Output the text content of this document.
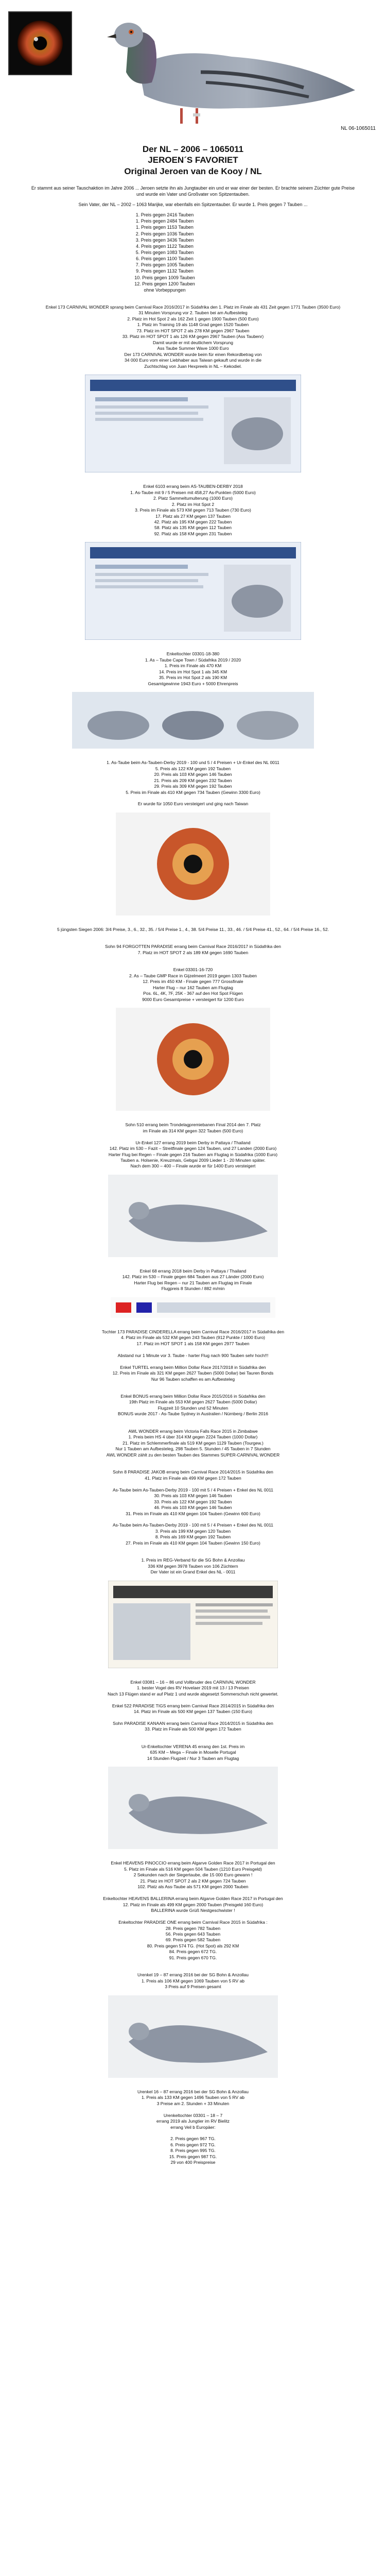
NL 06-1065011
Der NL – 2006 – 1065011
JEROEN´S FAVORIET
Original Jeroen van de Kooy / NL

Er stammt aus seiner Tauschaktion im Jahre 2006 ... Jeroen setzte ihn als Jungtauber ein und er war einer der besten. Er brachte seinem Züchter gute Preise und wurde ein Vater und Großvater von Spitzentauben.

Sein Vater, der NL – 2002 – 1063 Marijke, war ebenfalls ein Spitzentauber. Er wurde 1. Preis gegen 7 Tauben ...

1. Preis gegen 2416 Tauben
1. Preis gegen 2484 Tauben
1. Preis gegen 1153 Tauben
2. Preis gegen 1036 Tauben
3. Preis gegen 3436 Tauben
4. Preis gegen 1122 Tauben
5. Preis gegen 1083 Tauben
6. Preis gegen 1100 Tauben
7. Preis gegen 1005 Tauben
9. Preis gegen 1132 Tauben
10. Preis gegen 1009 Tauben
12. Preis gegen 1200 Tauben
ohne Vorbeppungen
Enkel 173 CARNIVAL WONDER sprang beim Carnival Race 2016/2017 in Südafrika den 1. Platz im Finale als 431 Zeit gegen 1771 Tauben (3500 Euro)
31 Minuten Vorsprung vor 2. Tauben bei am Aufbesteleg
2. Platz im Hot Spot 2 als 162 Zeit 1 gegen 1900 Tauben (500 Euro)
1. Platz im Training 19 als 1148 Grad gegen 1520 Tauben
73. Platz im HOT SPOT 2 als 278 KM gegen 2967 Tauben
33. Platz im HOT SPOT 1 als 126 KM gegen 2967 Tauben (Ass Taubenr)
Damit wurde er mit deutlichem Vorsprung
Ass Taube Summer Wave 1000 Euro
Der 173 CARNIVAL WONDER wurde beim für einen Rekordbetrag von
34 000 Euro vom einer Liebhaber aus Taiwan gekauft und wurde in die
Zuchtschlag von Juan Hexpreels in NL – Kekodiel.
Enkel 6103 errang beim AS-TAUBEN-DERBY 2018
1. As-Taube mit 9 / 5 Preisen mit 458,27 As-Punkten (5000 Euro)
2. Platz Sammeltumulterung (1000 Euro)
2. Platz im Hot Spot 2
3. Preis im Finale als 573 KM gegen 713 Tauben (730 Euro)
17. Platz als 27 KM gegen 137 Tauben
42. Platz als 195 KM gegen 222 Tauben
58. Platz als 135 KM gegen 112 Tauben
92. Platz als 158 KM gegen 231 Tauben
Enkeltochter 03301-18-380
1. As – Taube Cape Town / Südafrika 2019 / 2020
1. Preis im Finale als 470 KM
14. Preis im Hot Spot 1 als 345 KM
35. Preis im Hot Spot 2 als 190 KM
Gesamtgewinne 1943 Euro + 5000 Ehrenpreis
1. As-Taube beim As-Tauben-Derby 2019 - 100 und 5 / 4 Preisen + Ur-Enkel des NL 0011
5. Preis als 122 KM gegen 192 Tauben
20. Preis als 103 KM gegen 146 Tauben
21. Preis als 209 KM gegen 232 Tauben
29. Preis als 309 KM gegen 192 Tauben
5. Preis im Finale als 410 KM gegen 734 Tauben (Gewinn 3300 Euro)

Er wurde für 1050 Euro versteigert und ging nach Taiwan
5 jüngsten Siegen 2006: 3/4 Preise, 3., 6., 32., 35. / 5/4 Preise 1., 4., 38. 5/4 Preise 11., 33., 46. / 5/4 Preise 41., 52., 64. / 5/4 Preise 16., 52.
Sohn 94 FORGOTTEN PARADISE errang beim Carnival Race 2016/2017 in Südafrika den
7. Platz im HOT SPOT 2 als 189 KM gegen 1690 Tauben
Enkel 03301-16-720
2. As – Taube GMP Race in Gijzelmeert 2019 gegen 1303 Tauben
12. Preis im 450 KM - Finale gegen 777 Grossfinale
Harter Flug – nur 162 Tauben am Flugtag
Pos. 6L, 4K, 7F, 25K - 367 auf den Hot Spot Flügen
9000 Euro Gesamtpreise + versteigert für 1200 Euro
Sohn 510 errang beim Trondelagpremiebanen Final 2014 den 7. Platz
im Finale als 314 KM gegen 322 Tauben (500 Euro)

Ur-Enkel 127 errang 2019 beim Derby in Pattaya / Thailand
142. Platz im 530 – Fazit – Streitfinale gegen 124 Tauben, und 27 Landen (2000 Euro)
Harter Flug bei Regen – Finale gegen 216 Tauben am Flugtag in Südafrika (1000 Euro)
Tauben a. Holsenie, Kreuzmais, Gebgai 2009 Lieder 1 - 20 Minuten später.
Nach dem 300 – 400 – Finale wurde er für 1400 Euro versteigert
Enkel 68 errang 2018 beim Derby in Pattaya / Thailand
142. Platz im 530 – Finale gegen 684 Tauben aus 27 Länder (2000 Euro)
Harter Flug bei Regen – nur 21 Tauben am Flugtag im Finale
Flugpreis 8 Stunden / 882 m/min
Tochter 173 PARADISE CINDERELLA errang beim Carnival Race 2016/2017 in Südafrika den
4. Platz im Finale als 532 KM gegen 243 Tauben (912 Punkte / 1000 Euro)
17. Platz im HOT SPOT 1 als 158 KM gegen 2977 Tauben

Abstand nur 1 Minute vor 3. Taube - harter Flug nach 900 Tauben sehr hoch!!!

Enkel TURTEL errang beim Million Dollar Race 2017/2018 in Südafrika den
12. Preis im Finale als 321 KM gegen 2627 Tauben (5000 Dollar) bei Tauren Bonds
Nur 96 Tauben schaffen es am Aufbesteleg
Enkel BONUS errang beim Million Dollar Race 2015/2016 in Südafrika den
19th Platz im Finale als 553 KM gegen 2627 Tauben (5000 Dollar)
Flugzeit 10 Stunden und 52 Minuten
BONUS wurde 2017 - As-Taube Sydney in Australien / Nürnberg / Berlin 2016
AWL WONDER errang beim Victoria Falls Race 2015 in Zimbabwe
1. Preis beim HS 4 über 314 KM gegen 2224 Tauben (1000 Dollar)
21. Platz im Schlemmerfinale als 519 KM gegen 1129 Tauben (Tourgew.)
Nur 1 Tauben am Aufbesteleg, 298 Tauben 5. Stunden / 45 Tauben in 7 Stunden
AWL WONDER zählt zu den besten Tauben des Stammes SUPER-CARNIVAL WONDER
Sohn 8 PARADISE JAKOB errang beim Carnival Race 2014/2015 in Südafrika den
41. Platz im Finale als 499 KM gegen 172 Tauben

As-Taube beim As-Tauben-Derby 2019 - 100 mit 5 / 4 Preisen + Enkel des NL 0011
30. Preis als 103 KM gegen 146 Tauben
33. Preis als 122 KM gegen 192 Tauben
46. Preis als 103 KM gegen 146 Tauben
31. Preis im Finale als 410 KM gegen 104 Tauben (Gewinn 600 Euro)

As-Taube beim As-Tauben-Derby 2019 - 100 mit 5 / 4 Preisen + Enkel des NL 0011
3. Preis als 199 KM gegen 120 Tauben
8. Preis als 169 KM gegen 192 Tauben
27. Preis im Finale als 410 KM gegen 104 Tauben (Gewinn 150 Euro)
1. Preis im REG-Verband für die SG Bohn & Anzollau
336 KM gegen 3978 Tauben von 106 Züchtern
Der Vater ist ein Grand Enkel des NL - 0011
Enkel 03081 – 16 – 86 und Vollbruder des CARNIVAL WONDER
1. bester Vogel des RV Hovelaer 2019 mit 13 / 13 Preisen
Nach 13 Flügen stand er auf Platz 1 und wurde abgesetzt Sommerschuh nicht gewertet.

Enkel 522 PARADISE TIGS errang beim Carnival Race 2014/2015 in Südafrika den
14. Platz im Finale als 500 KM gegen 137 Tauben (150 Euro)

Sohn PARADISE KANAAN errang beim Carnival Race 2014/2015 in Südafrika den
33. Platz im Finale als 500 KM gegen 172 Tauben
Ur-Enkeltochter VERENA 45 errang den 1st. Preis im
635 KM – Mega – Finale in Moselle Portugal
14 Stunden Flugzeit / Nur 3 Tauben am Flugtag
Enkel HEAVENS PINOCCIO errang beim Algarve Golden Race 2017 in Portugal den
5. Platz im Finale als 516 KM gegen 504 Tauben (1210 Euro Preisgeld)
2 Sekunden nach der Siegertaube, die 15 000 Euro gewann !
21. Platz im HOT SPOT 2 als 2 KM gegen 724 Tauben
102. Platz als Ass-Taube als 571 KM gegen 2000 Tauben

Enkeltochter HEAVENS BALLERINA errang beim Algarve Golden Race 2017 in Portugal den
12. Platz im Finale als 499 KM gegen 2000 Tauben (Preisgeld 160 Euro)
BALLERINA wurde Grüß Nestgeschwister !

Enkeltochter PARADISE ONE errang beim Carnival Race 2015 in Südafrika :
28. Preis gegen 782 Tauben
56. Preis gegen 643 Tauben
69. Preis gegen 582 Tauben
80. Preis gegen 574 TG. (Hot Spot) als 292 KM
84. Preis gegen 672 TG.
91. Preis gegen 670 TG.
Urenkel 19 – 87 errang 2016 bei der SG Bohn & Anzollau
1. Preis als 106 KM gegen 1069 Tauben von 5 RV ab
3 Preis auf 9 Preisen gesamt
Urenkel 16 – 87 errang 2016 bei der SG Bohn & Anzollau
1. Preis als 133 KM gegen 1496 Tauben von 5 RV ab
3 Preise am 2. Stunden + 33 Minuten

Urenkeltochter 03301 – 18 – 7
errang 2019 als Jungtier im RV Bielitz
errang Veil b Europäer:

2. Preis gegen 967 TG.
6. Preis gegen 972 TG.
8. Preis gegen 995 TG.
15. Preis gegen 987 TG.
29 von 400 Preispreise
